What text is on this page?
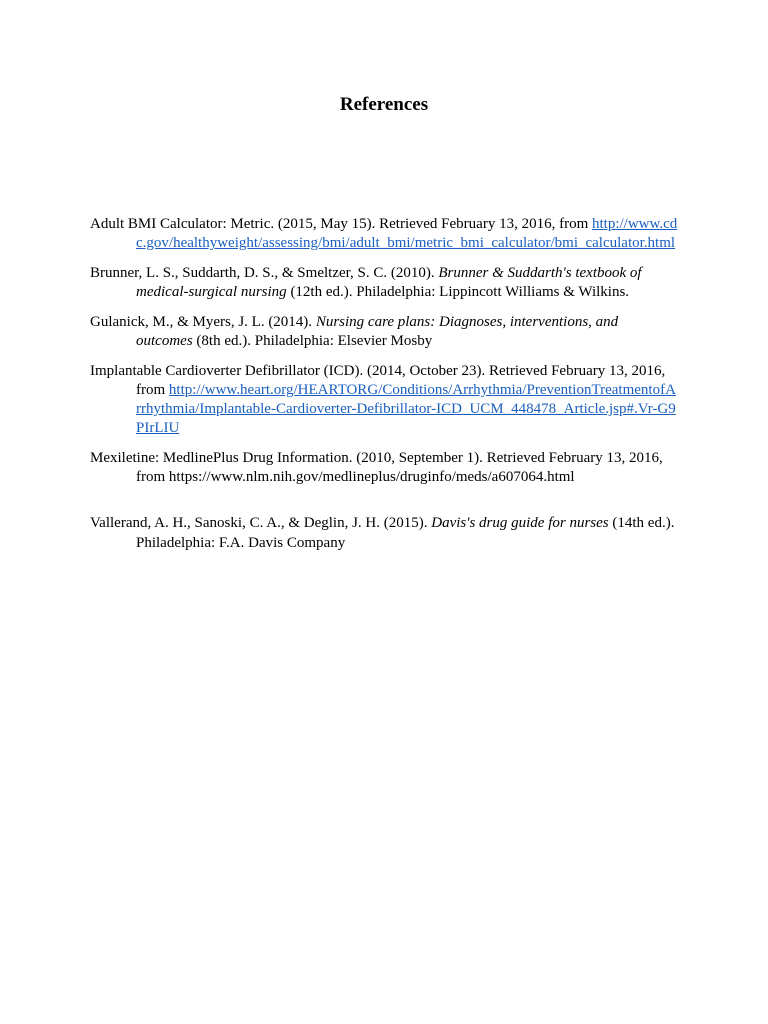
References

Adult BMI Calculator: Metric. (2015, May 15). Retrieved February 13, 2016, from http://www.cdc.gov/healthyweight/assessing/bmi/adult_bmi/metric_bmi_calculator/bmi_calculator.html

Brunner, L. S., Suddarth, D. S., & Smeltzer, S. C. (2010). Brunner & Suddarth's textbook of medical-surgical nursing (12th ed.). Philadelphia: Lippincott Williams & Wilkins.

Gulanick, M., & Myers, J. L. (2014). Nursing care plans: Diagnoses, interventions, and outcomes (8th ed.). Philadelphia: Elsevier Mosby

Implantable Cardioverter Defibrillator (ICD). (2014, October 23). Retrieved February 13, 2016, from http://www.heart.org/HEARTORG/Conditions/Arrhythmia/PreventionTreatmentofArrhythmia/Implantable-Cardioverter-Defibrillator-ICD_UCM_448478_Article.jsp#.Vr-G9PIrLIU

Mexiletine: MedlinePlus Drug Information. (2010, September 1). Retrieved February 13, 2016, from https://www.nlm.nih.gov/medlineplus/druginfo/meds/a607064.html

Vallerand, A. H., Sanoski, C. A., & Deglin, J. H. (2015). Davis's drug guide for nurses (14th ed.). Philadelphia: F.A. Davis Company
